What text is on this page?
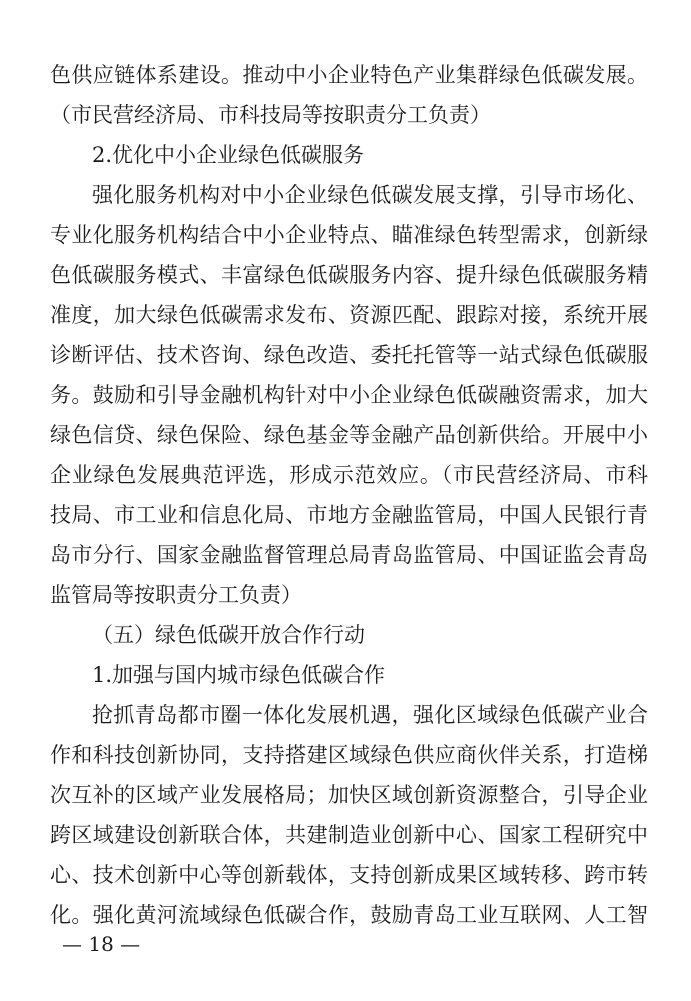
色供应链体系建设。推动中小企业特色产业集群绿色低碳发展。
（市民营经济局、市科技局等按职责分工负责）
2.优化中小企业绿色低碳服务
强化服务机构对中小企业绿色低碳发展支撑，引导市场化、
专业化服务机构结合中小企业特点、瞄准绿色转型需求，创新绿
色低碳服务模式、丰富绿色低碳服务内容、提升绿色低碳服务精
准度，加大绿色低碳需求发布、资源匹配、跟踪对接，系统开展
诊断评估、技术咨询、绿色改造、委托托管等一站式绿色低碳服
务。鼓励和引导金融机构针对中小企业绿色低碳融资需求，加大
绿色信贷、绿色保险、绿色基金等金融产品创新供给。开展中小
企业绿色发展典范评选，形成示范效应。（市民营经济局、市科
技局、市工业和信息化局、市地方金融监管局，中国人民银行青
岛市分行、国家金融监督管理总局青岛监管局、中国证监会青岛
监管局等按职责分工负责）
（五）绿色低碳开放合作行动
1.加强与国内城市绿色低碳合作
抢抓青岛都市圈一体化发展机遇，强化区域绿色低碳产业合
作和科技创新协同，支持搭建区域绿色供应商伙伴关系，打造梯
次互补的区域产业发展格局；加快区域创新资源整合，引导企业
跨区域建设创新联合体，共建制造业创新中心、国家工程研究中
心、技术创新中心等创新载体，支持创新成果区域转移、跨市转
化。强化黄河流域绿色低碳合作，鼓励青岛工业互联网、人工智
— 18 —
